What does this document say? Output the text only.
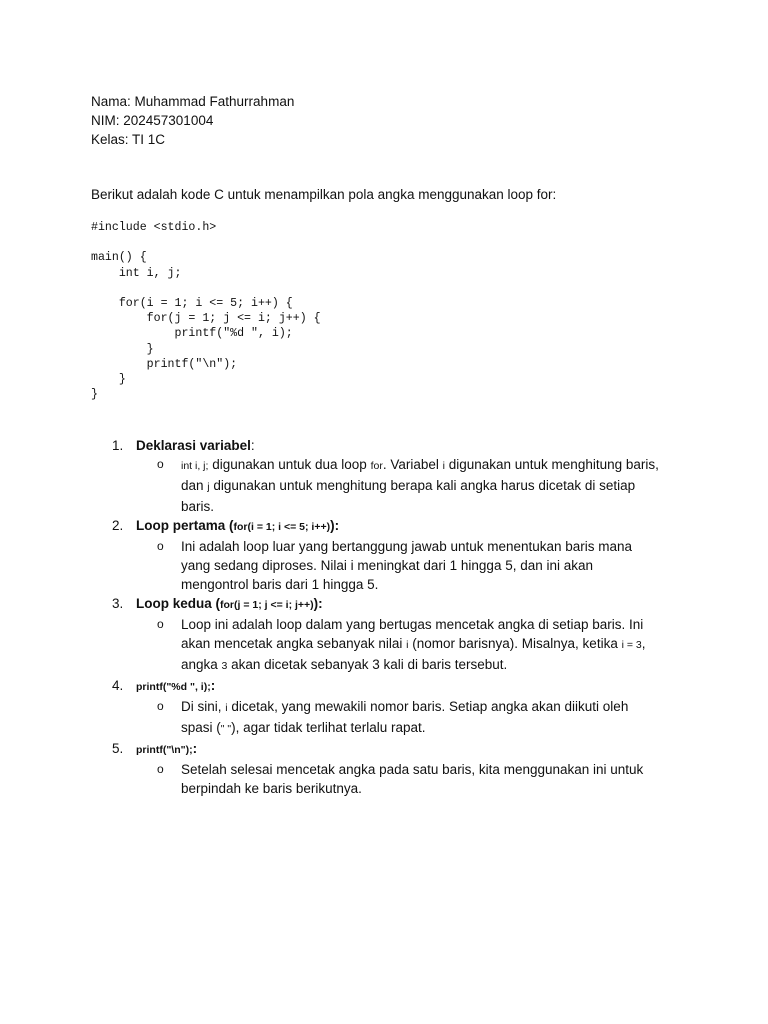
Nama: Muhammad Fathurrahman
NIM: 202457301004
Kelas: TI 1C
Berikut adalah kode C untuk menampilkan pola angka menggunakan loop for:
#include <stdio.h>

main() {
int i, j;

for(i = 1; i <= 5; i++) {
for(j = 1; j <= i; j++) {
printf("%d ", i);
}
printf("\n");
}
}
1. Deklarasi variabel:
o int i, j; digunakan untuk dua loop for. Variabel i digunakan untuk menghitung baris, dan j digunakan untuk menghitung berapa kali angka harus dicetak di setiap baris.
2. Loop pertama (for(i = 1; i <= 5; i++)):
o Ini adalah loop luar yang bertanggung jawab untuk menentukan baris mana yang sedang diproses. Nilai i meningkat dari 1 hingga 5, dan ini akan mengontrol baris dari 1 hingga 5.
3. Loop kedua (for(j = 1; j <= i; j++)):
o Loop ini adalah loop dalam yang bertugas mencetak angka di setiap baris. Ini akan mencetak angka sebanyak nilai i (nomor barisnya). Misalnya, ketika i = 3, angka 3 akan dicetak sebanyak 3 kali di baris tersebut.
4. printf("%d ", i);:
o Di sini, i dicetak, yang mewakili nomor baris. Setiap angka akan diikuti oleh spasi (" "), agar tidak terlihat terlalu rapat.
5. printf("\n");:
o Setelah selesai mencetak angka pada satu baris, kita menggunakan ini untuk berpindah ke baris berikutnya.
